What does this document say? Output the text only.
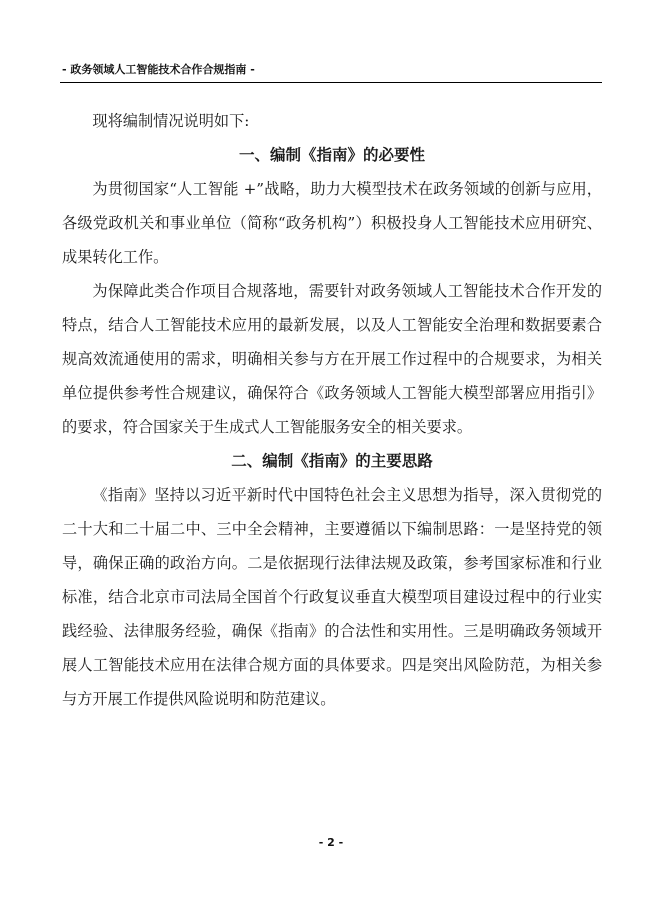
- 政务领域人工智能技术合作合规指南 -

现将编制情况说明如下:

一、编制《指南》的必要性

为贯彻国家“人工智能 +”战略，助力大模型技术在政务领域的创新与应用，各级党政机关和事业单位（简称“政务机构”）积极投身人工智能技术应用研究、成果转化工作。

为保障此类合作项目合规落地，需要针对政务领域人工智能技术合作开发的特点，结合人工智能技术应用的最新发展，以及人工智能安全治理和数据要素合规高效流通使用的需求，明确相关参与方在开展工作过程中的合规要求，为相关单位提供参考性合规建议，确保符合《政务领域人工智能大模型部署应用指引》的要求，符合国家关于生成式人工智能服务安全的相关要求。

二、编制《指南》的主要思路

《指南》坚持以习近平新时代中国特色社会主义思想为指导，深入贯彻党的二十大和二十届二中、三中全会精神，主要遵循以下编制思路：一是坚持党的领导，确保正确的政治方向。二是依据现行法律法规及政策，参考国家标准和行业标准，结合北京市司法局全国首个行政复议垂直大模型项目建设过程中的行业实践经验、法律服务经验，确保《指南》的合法性和实用性。三是明确政务领域开展人工智能技术应用在法律合规方面的具体要求。四是突出风险防范，为相关参与方开展工作提供风险说明和防范建议。

- 2 -
